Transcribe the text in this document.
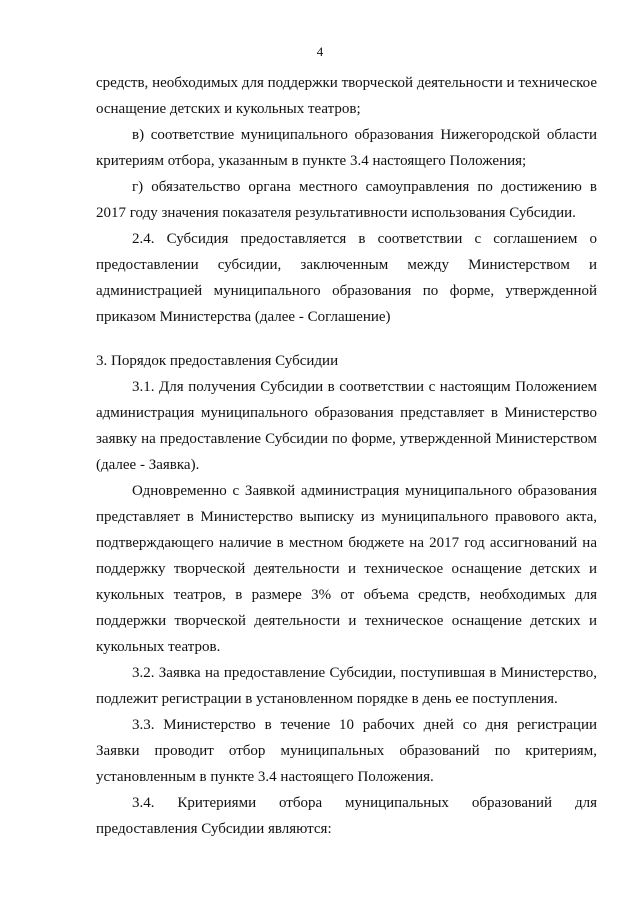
4

средств, необходимых для поддержки творческой деятельности и техническое оснащение детских и кукольных театров;

в) соответствие муниципального образования Нижегородской области критериям отбора, указанным в пункте 3.4 настоящего Положения;

г) обязательство органа местного самоуправления по достижению в 2017 году значения показателя результативности использования Субсидии.

2.4. Субсидия предоставляется в соответствии с соглашением о предоставлении субсидии, заключенным между Министерством и администрацией муниципального образования по форме, утвержденной приказом Министерства (далее - Соглашение)

3. Порядок предоставления Субсидии

3.1. Для получения Субсидии в соответствии с настоящим Положением администрация муниципального образования представляет в Министерство заявку на предоставление Субсидии по форме, утвержденной Министерством (далее - Заявка).

Одновременно с Заявкой администрация муниципального образования представляет в Министерство выписку из муниципального правового акта, подтверждающего наличие в местном бюджете на 2017 год ассигнований на поддержку творческой деятельности и техническое оснащение детских и кукольных театров, в размере 3% от объема средств, необходимых для поддержки творческой деятельности и техническое оснащение детских и кукольных театров.

3.2. Заявка на предоставление Субсидии, поступившая в Министерство, подлежит регистрации в установленном порядке в день ее поступления.

3.3. Министерство в течение 10 рабочих дней со дня регистрации Заявки проводит отбор муниципальных образований по критериям, установленным в пункте 3.4 настоящего Положения.

3.4. Критериями отбора муниципальных образований для предоставления Субсидии являются:
